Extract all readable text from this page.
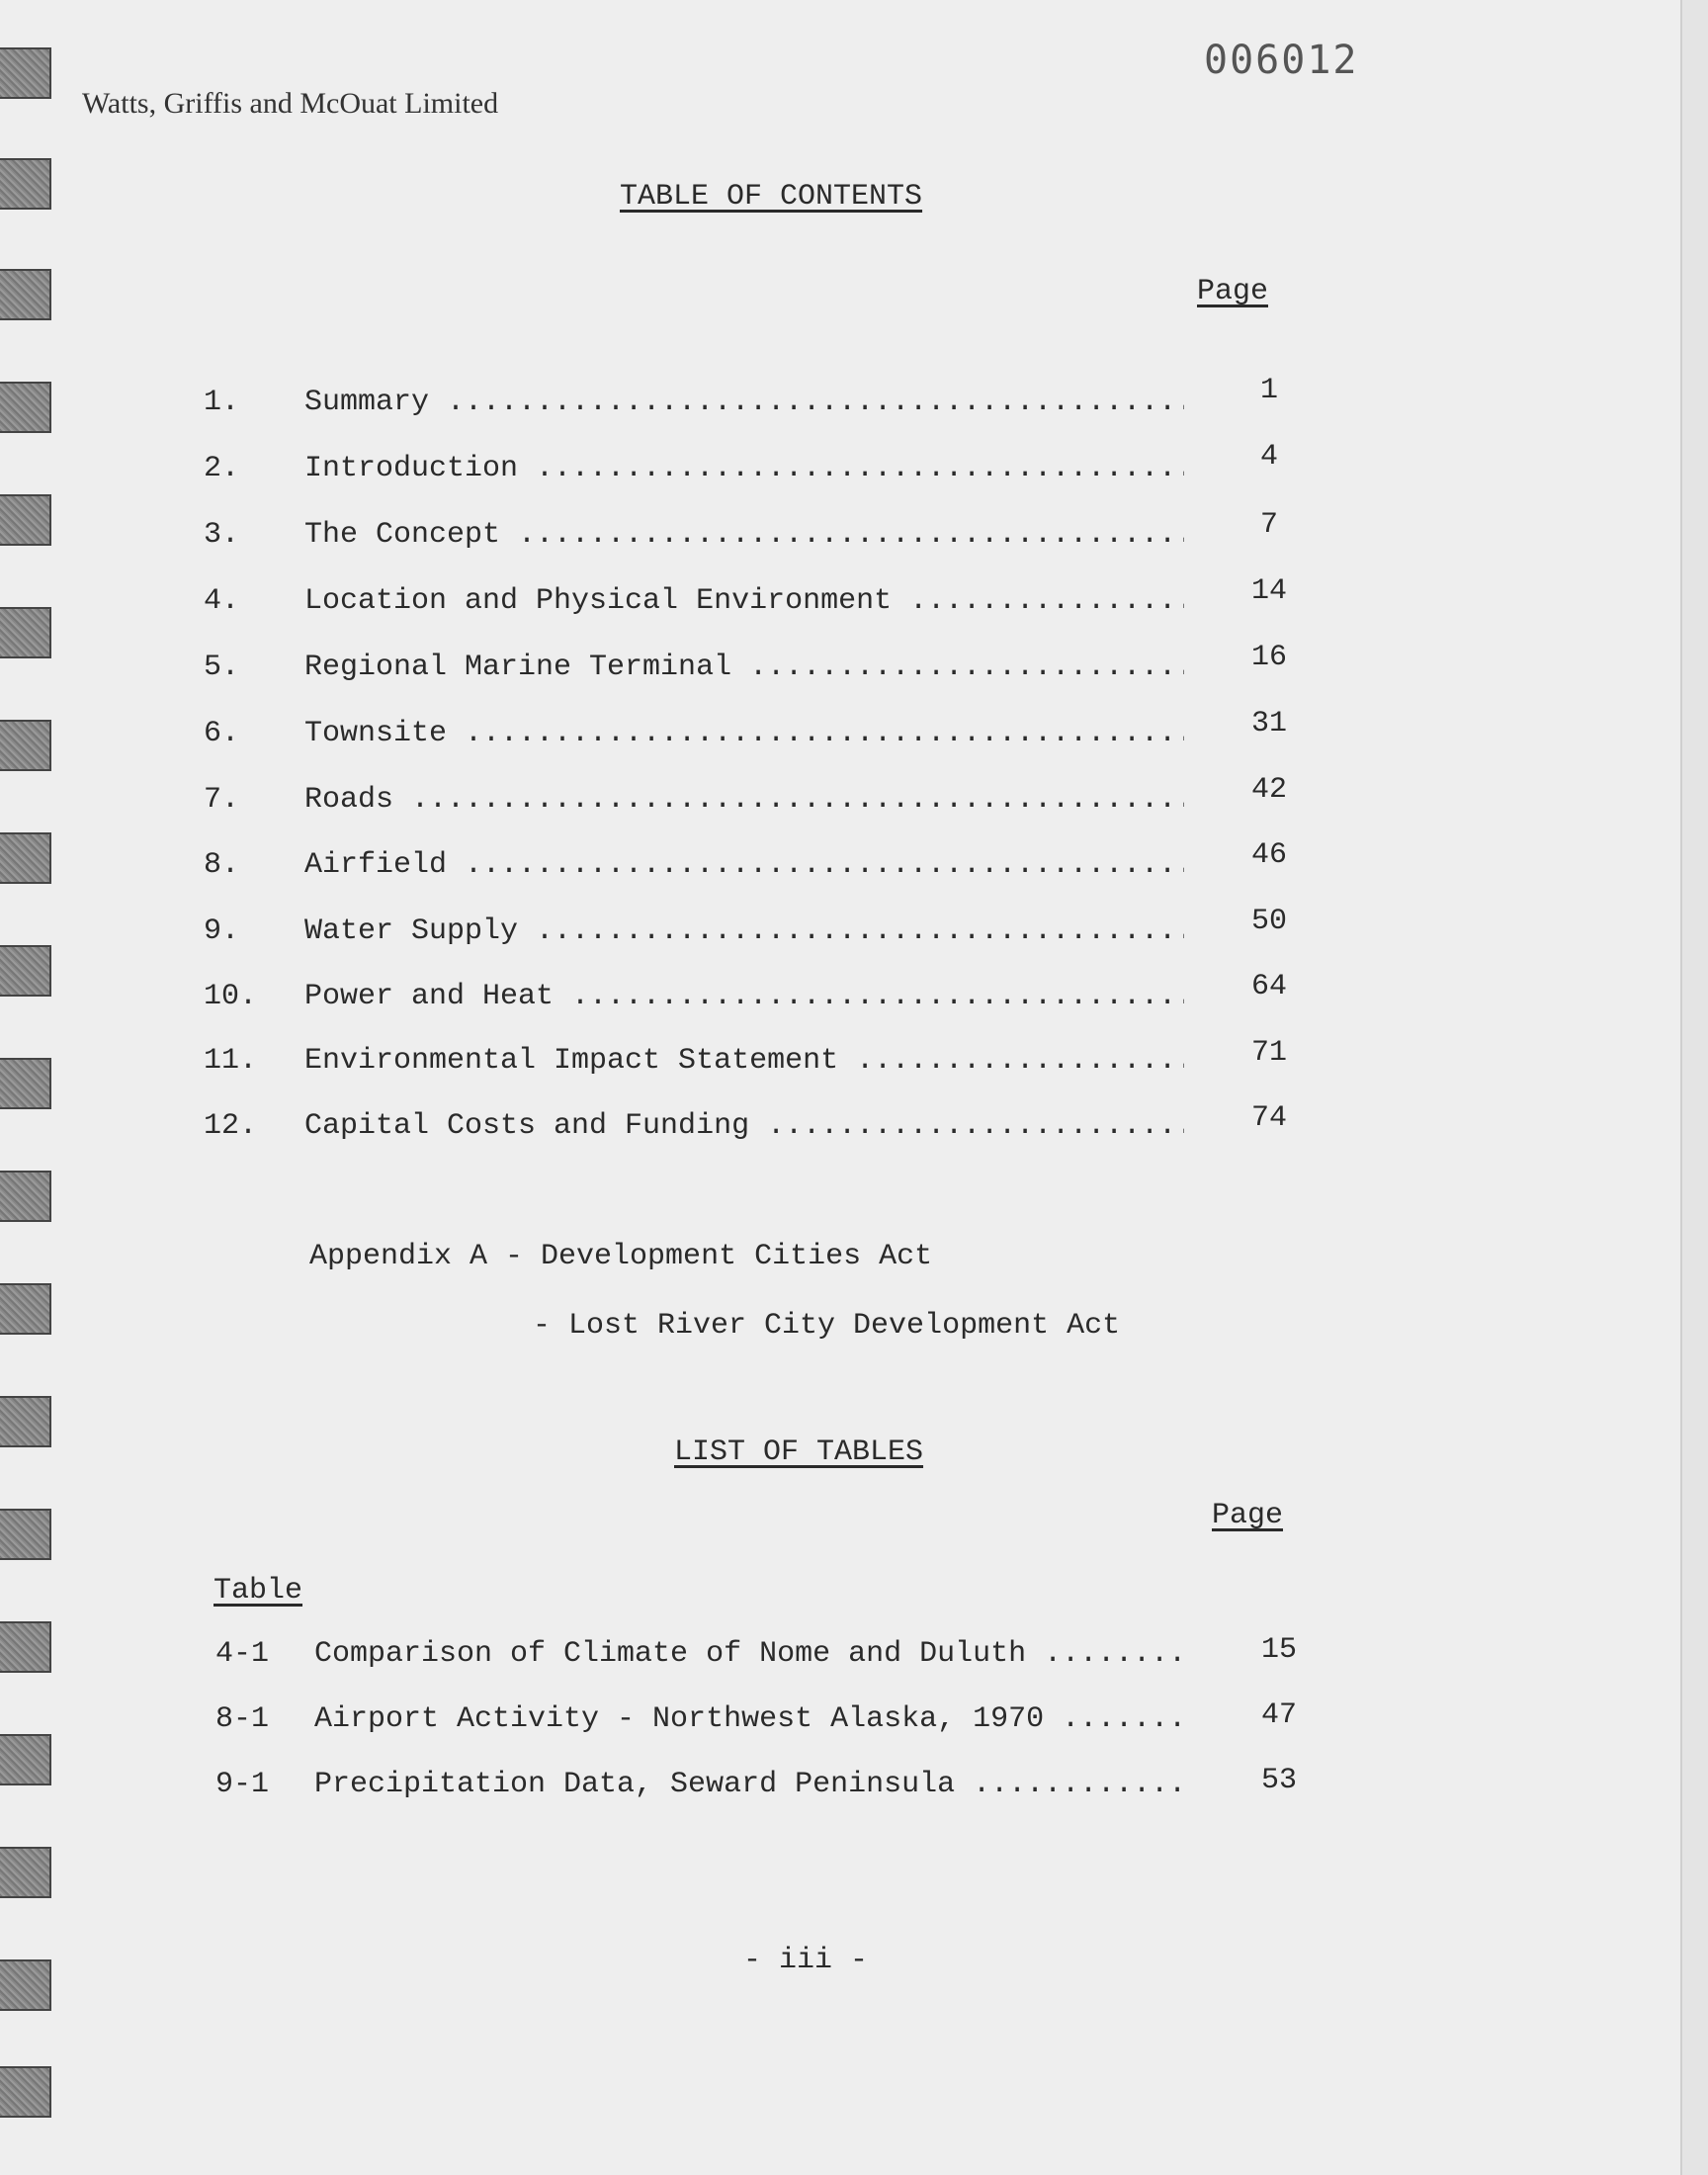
Watts, Griffis and McOuat Limited
006012
TABLE OF CONTENTS
Page
1. Summary .....	1
2. Introduction .....	4
3. The Concept .....	7
4. Location and Physical Environment .....	14
5. Regional Marine Terminal .....	16
6. Townsite .....	31
7. Roads .....	42
8. Airfield .....	46
9. Water Supply .....	50
10. Power and Heat .....	64
11. Environmental Impact Statement .....	71
12. Capital Costs and Funding .....	74
Appendix A - Development Cities Act
- Lost River City Development Act
LIST OF TABLES
Page
Table
4-1 Comparison of Climate of Nome and Duluth .....	15
8-1 Airport Activity - Northwest Alaska, 1970 .....	47
9-1 Precipitation Data, Seward Peninsula .....	53
- iii -
